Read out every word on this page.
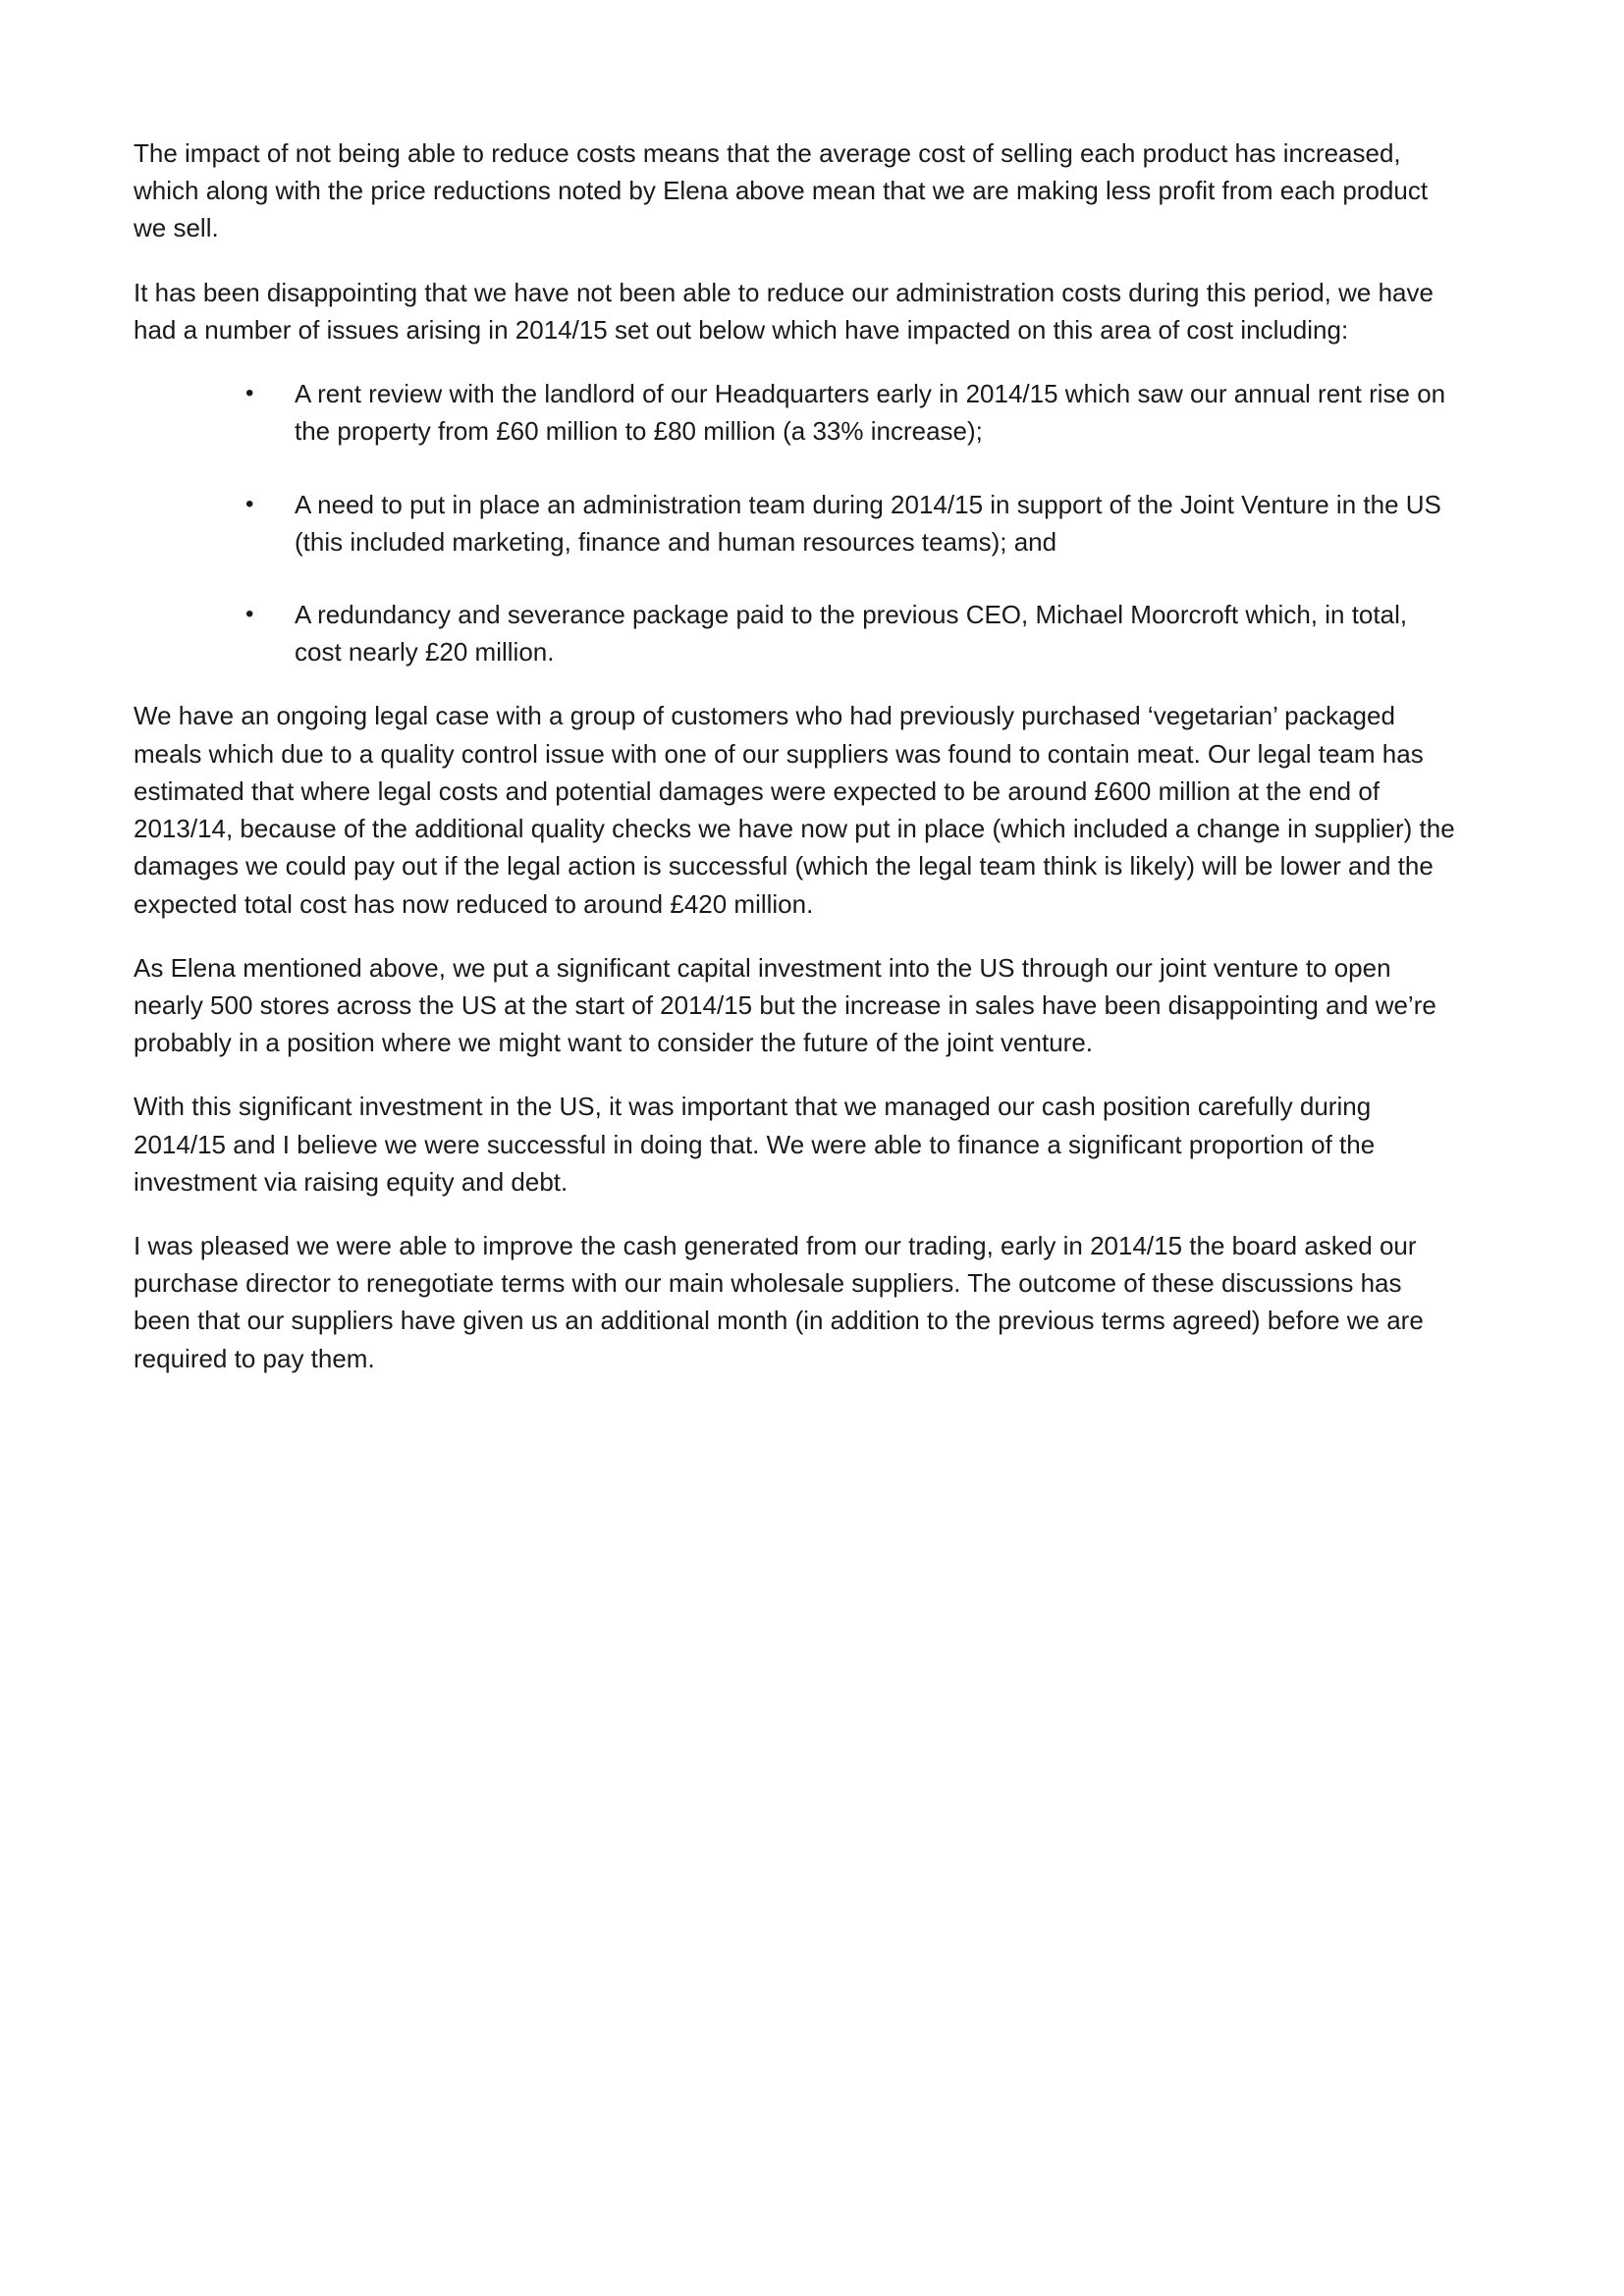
The impact of not being able to reduce costs means that the average cost of selling each product has increased, which along with the price reductions noted by Elena above mean that we are making less profit from each product we sell.

It has been disappointing that we have not been able to reduce our administration costs during this period, we have had a number of issues arising in 2014/15 set out below which have impacted on this area of cost including:

•	A rent review with the landlord of our Headquarters early in 2014/15 which saw our annual rent rise on the property from £60 million to £80 million (a 33% increase);
•	A need to put in place an administration team during 2014/15 in support of the Joint Venture in the US (this included marketing, finance and human resources teams); and
•	A redundancy and severance package paid to the previous CEO, Michael Moorcroft which, in total, cost nearly £20 million.

We have an ongoing legal case with a group of customers who had previously purchased ‘vegetarian’ packaged meals which due to a quality control issue with one of our suppliers was found to contain meat. Our legal team has estimated that where legal costs and potential damages were expected to be around £600 million at the end of 2013/14, because of the additional quality checks we have now put in place (which included a change in supplier) the damages we could pay out if the legal action is successful (which the legal team think is likely) will be lower and the expected total cost has now reduced to around £420 million.

As Elena mentioned above, we put a significant capital investment into the US through our joint venture to open nearly 500 stores across the US at the start of 2014/15 but the increase in sales have been disappointing and we’re probably in a position where we might want to consider the future of the joint venture.

With this significant investment in the US, it was important that we managed our cash position carefully during 2014/15 and I believe we were successful in doing that. We were able to finance a significant proportion of the investment via raising equity and debt.

I was pleased we were able to improve the cash generated from our trading, early in 2014/15 the board asked our purchase director to renegotiate terms with our main wholesale suppliers. The outcome of these discussions has been that our suppliers have given us an additional month (in addition to the previous terms agreed) before we are required to pay them.
